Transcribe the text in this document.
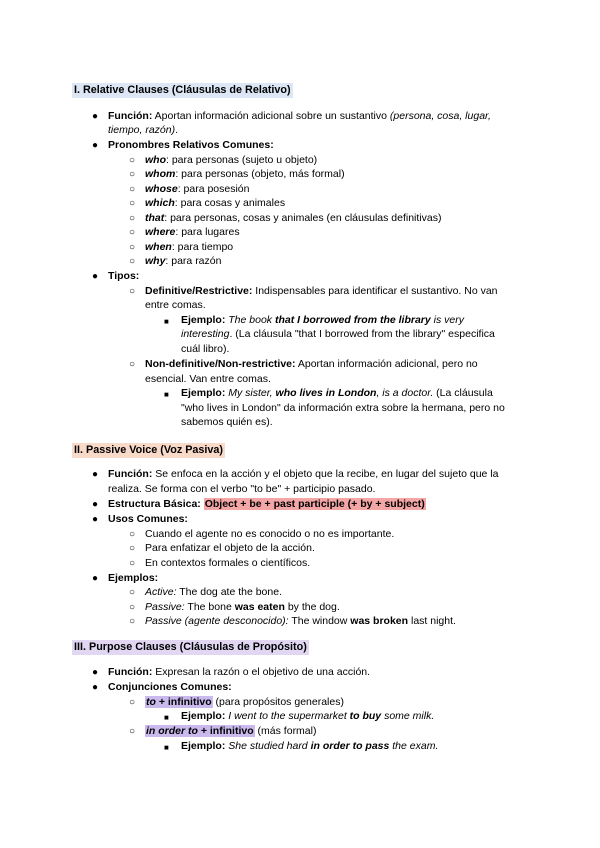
I. Relative Clauses (Cláusulas de Relativo)
● Función: Aportan información adicional sobre un sustantivo (persona, cosa, lugar,
tiempo, razón).
● Pronombres Relativos Comunes:
○ who: para personas (sujeto u objeto)
○ whom: para personas (objeto, más formal)
○ whose: para posesión
○ which: para cosas y animales
○ that: para personas, cosas y animales (en cláusulas definitivas)
○ where: para lugares
○ when: para tiempo
○ why: para razón
● Tipos:
○ Definitive/Restrictive: Indispensables para identificar el sustantivo. No van
entre comas.
■ Ejemplo: The book that I borrowed from the library is very
interesting. (La cláusula "that I borrowed from the library" especifica
cuál libro).
○ Non-definitive/Non-restrictive: Aportan información adicional, pero no
esencial. Van entre comas.
■ Ejemplo: My sister, who lives in London, is a doctor. (La cláusula
"who lives in London" da información extra sobre la hermana, pero no
sabemos quién es).
II. Passive Voice (Voz Pasiva)
● Función: Se enfoca en la acción y el objeto que la recibe, en lugar del sujeto que la
realiza. Se forma con el verbo "to be" + participio pasado.
● Estructura Básica: Object + be + past participle (+ by + subject)
● Usos Comunes:
○ Cuando el agente no es conocido o no es importante.
○ Para enfatizar el objeto de la acción.
○ En contextos formales o científicos.
● Ejemplos:
○ Active: The dog ate the bone.
○ Passive: The bone was eaten by the dog.
○ Passive (agente desconocido): The window was broken last night.
III. Purpose Clauses (Cláusulas de Propósito)
● Función: Expresan la razón o el objetivo de una acción.
● Conjunciones Comunes:
○ to + infinitivo (para propósitos generales)
■ Ejemplo: I went to the supermarket to buy some milk.
○ in order to + infinitivo (más formal)
■ Ejemplo: She studied hard in order to pass the exam.
